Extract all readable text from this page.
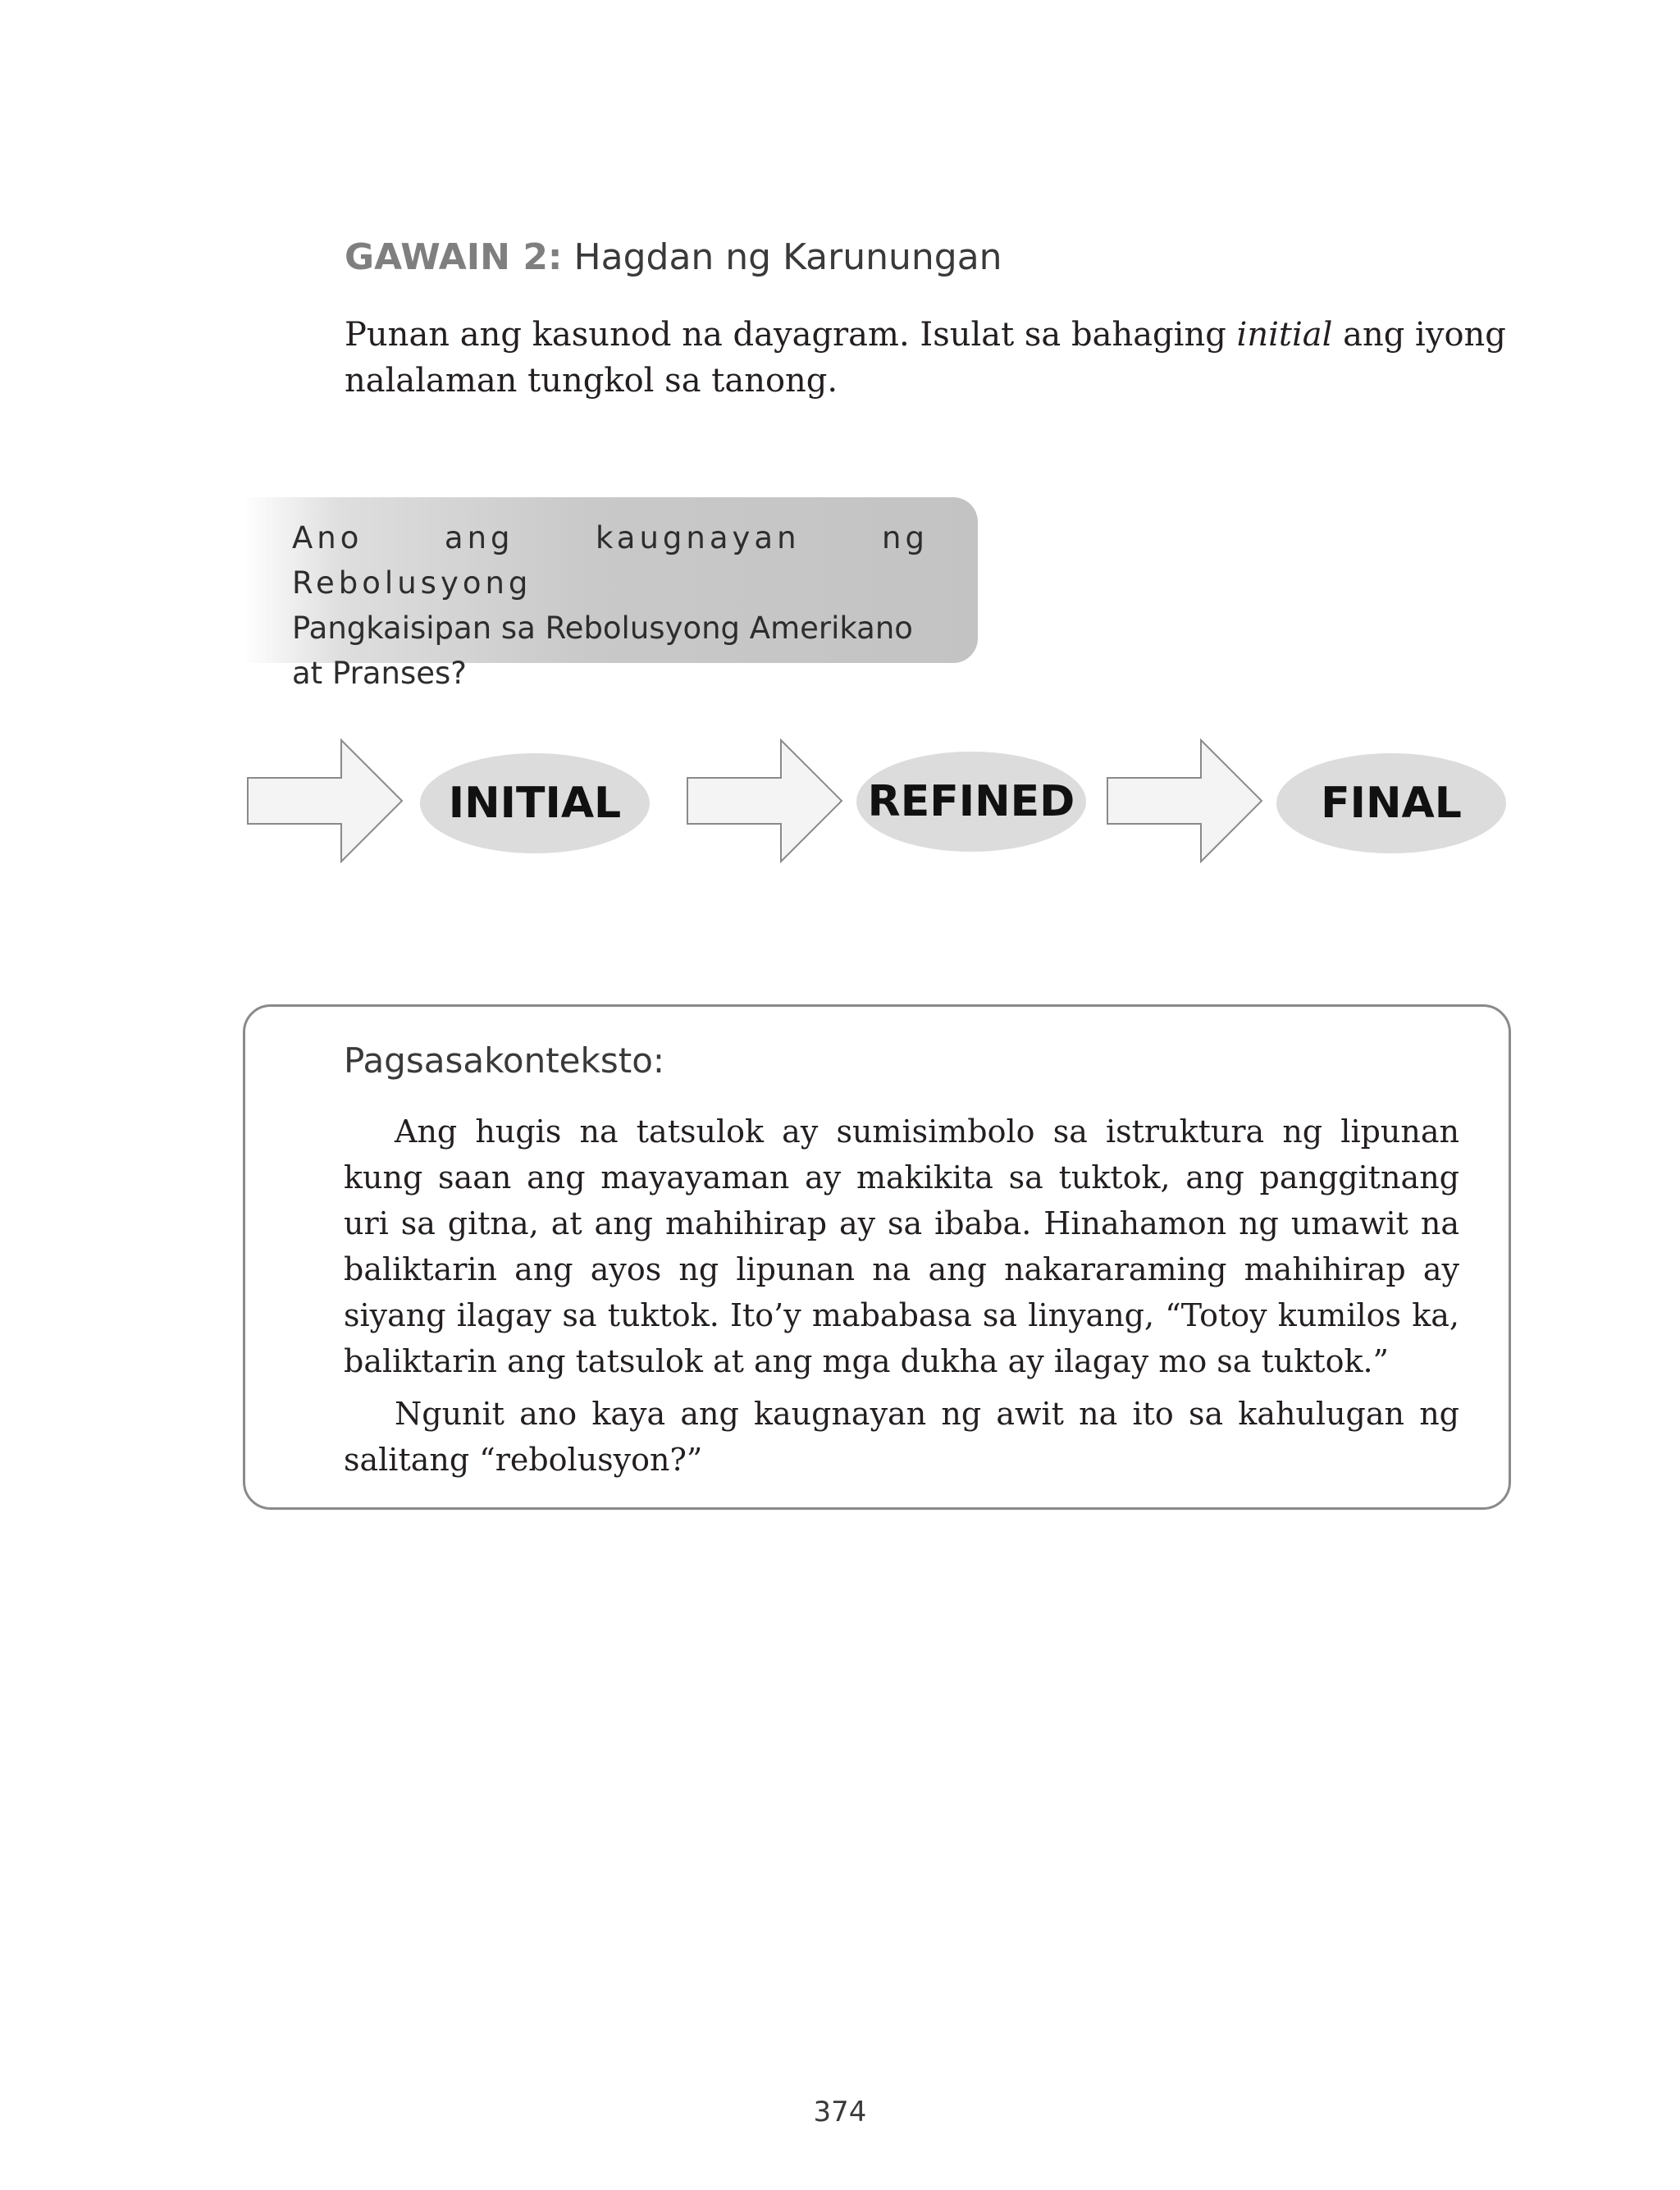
GAWAIN 2: Hagdan ng Karunungan
Punan ang kasunod na dayagram. Isulat sa bahaging initial ang iyong nalalaman tungkol sa tanong.
Ano ang kaugnayan ng Rebolusyong
Pangkaisipan sa Rebolusyong Amerikano
at Pranses?
INITIAL	REFINED	FINAL
Pagsasakonteksto:

Ang hugis na tatsulok ay sumisimbolo sa istruktura ng lipunan kung saan ang mayayaman ay makikita sa tuktok, ang panggitnang uri sa gitna, at ang mahihirap ay sa ibaba. Hinahamon ng umawit na baliktarin ang ayos ng lipunan na ang nakararaming mahihirap ay siyang ilagay sa tuktok. Ito’y mababasa sa linyang, “Totoy kumilos ka, baliktarin ang tatsulok at ang mga dukha ay ilagay mo sa tuktok.”

Ngunit ano kaya ang kaugnayan ng awit na ito sa kahulugan ng salitang “rebolusyon?”

374
